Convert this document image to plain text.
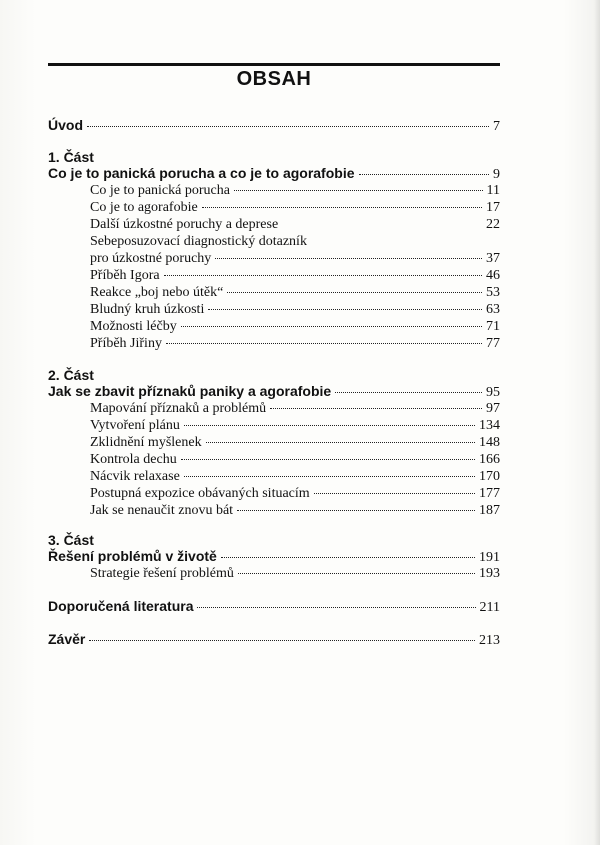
OBSAH
Úvod	7
1. Část
Co je to panická porucha a co je to agorafobie	9
Co je to panická porucha	11
Co je to agorafobie	17
Další úzkostné poruchy a deprese	22
Sebeposuzovací diagnostický dotazník
pro úzkostné poruchy	37
Příběh Igora	46
Reakce „boj nebo útěk“	53
Bludný kruh úzkosti	63
Možnosti léčby	71
Příběh Jiřiny	77
2. Část
Jak se zbavit příznaků paniky a agorafobie	95
Mapování příznaků a problémů	97
Vytvoření plánu	134
Zklidnění myšlenek	148
Kontrola dechu	166
Nácvik relaxase	170
Postupná expozice obávaných situacím	177
Jak se nenaučit znovu bát	187
3. Část
Řešení problémů v životě	191
Strategie řešení problémů	193
Doporučená literatura	211
Závěr	213
